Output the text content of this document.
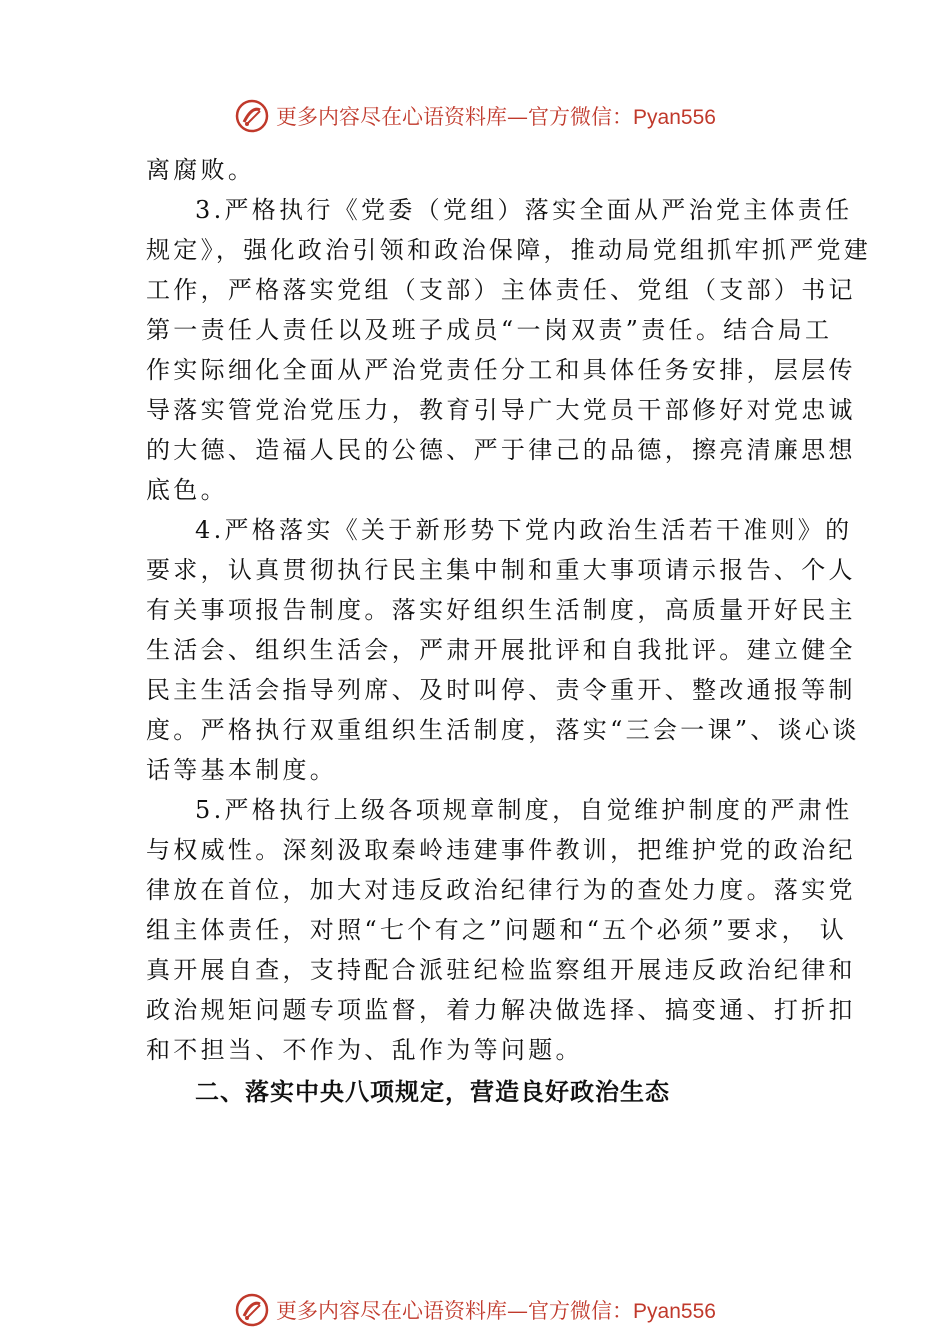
更多内容尽在心语资料库—官方微信：Pyan556
离腐败。
3.严格执行《党委（党组）落实全面从严治党主体责任
规定》，强化政治引领和政治保障，推动局党组抓牢抓严党建
工作，严格落实党组（支部）主体责任、党组（支部）书记
第一责任人责任以及班子成员“一岗双责”责任。结合局工
作实际细化全面从严治党责任分工和具体任务安排，层层传
导落实管党治党压力，教育引导广大党员干部修好对党忠诚
的大德、造福人民的公德、严于律己的品德，擦亮清廉思想
底色。
4.严格落实《关于新形势下党内政治生活若干准则》的
要求，认真贯彻执行民主集中制和重大事项请示报告、个人
有关事项报告制度。落实好组织生活制度，高质量开好民主
生活会、组织生活会，严肃开展批评和自我批评。建立健全
民主生活会指导列席、及时叫停、责令重开、整改通报等制
度。严格执行双重组织生活制度，落实“三会一课”、谈心谈
话等基本制度。
5.严格执行上级各项规章制度，自觉维护制度的严肃性
与权威性。深刻汲取秦岭违建事件教训，把维护党的政治纪
律放在首位，加大对违反政治纪律行为的查处力度。落实党
组主体责任，对照“七个有之”问题和“五个必须”要求， 认
真开展自查，支持配合派驻纪检监察组开展违反政治纪律和
政治规矩问题专项监督，着力解决做选择、搞变通、打折扣
和不担当、不作为、乱作为等问题。
二、落实中央八项规定，营造良好政治生态
更多内容尽在心语资料库—官方微信：Pyan556
